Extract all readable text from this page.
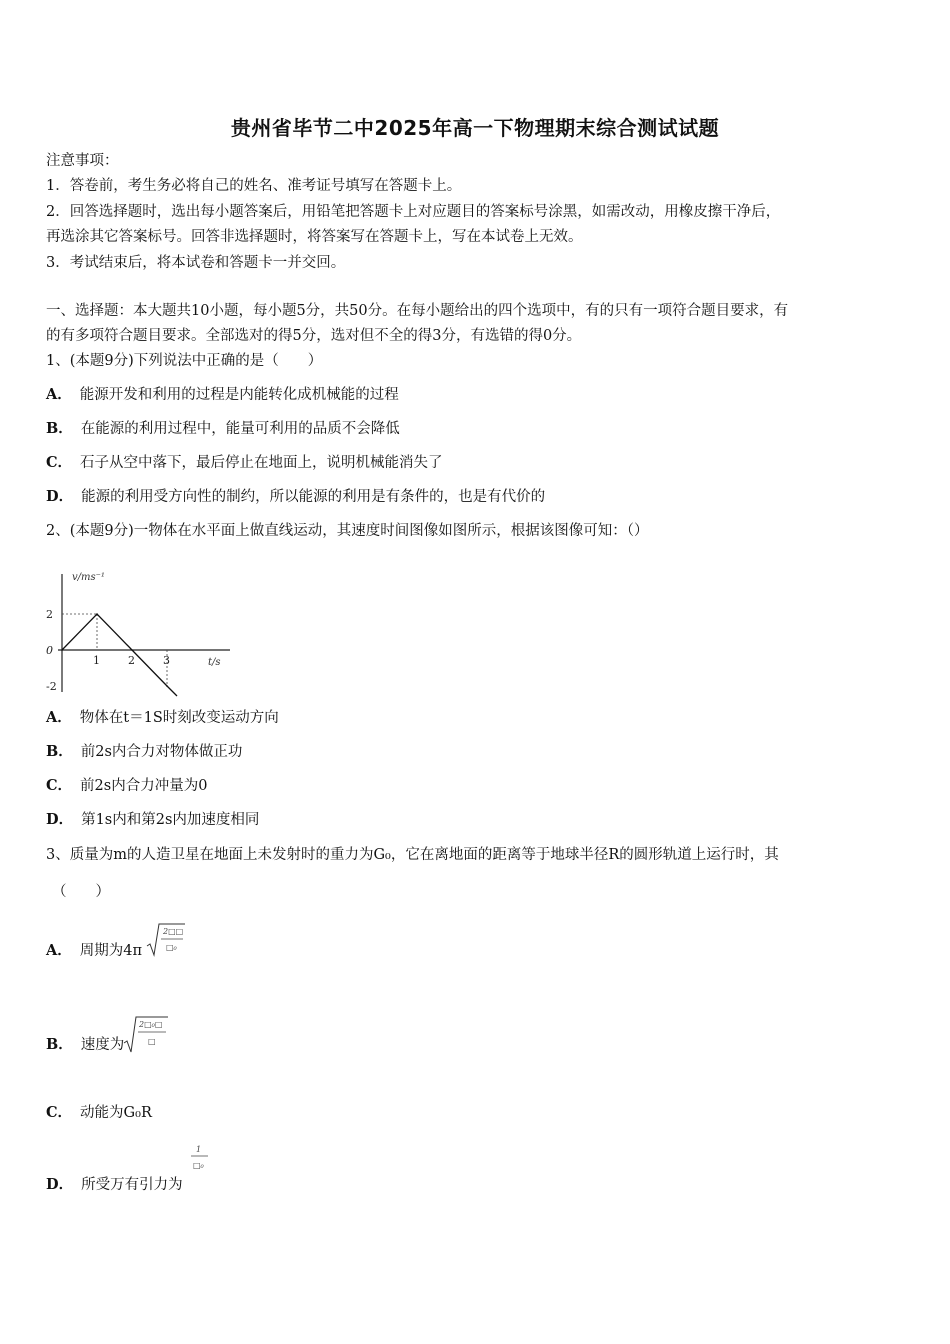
贵州省毕节二中2025年高一下物理期末综合测试试题
注意事项：
1．答卷前，考生务必将自己的姓名、准考证号填写在答题卡上。
2．回答选择题时，选出每小题答案后，用铅笔把答题卡上对应题目的答案标号涂黑，如需改动，用橡皮擦干净后，
再选涂其它答案标号。回答非选择题时，将答案写在答题卡上，写在本试卷上无效。
3．考试结束后，将本试卷和答题卡一并交回。
一、选择题：本大题共10小题，每小题5分，共50分。在每小题给出的四个选项中，有的只有一项符合题目要求，有
的有多项符合题目要求。全部选对的得5分，选对但不全的得3分，有选错的得0分。
1、(本题9分)下列说法中正确的是（　　）
A． 能源开发和利用的过程是内能转化成机械能的过程
B． 在能源的利用过程中，能量可利用的品质不会降低
C． 石子从空中落下，最后停止在地面上，说明机械能消失了
D． 能源的利用受方向性的制约，所以能源的利用是有条件的，也是有代价的
2、(本题9分)一物体在水平面上做直线运动，其速度时间图像如图所示，根据该图像可知：（）
v/ms⁻¹
t/s
2
0
-2
1	2	3
A． 物体在t＝1S时刻改变运动方向
B． 前2s内合力对物体做正功
C． 前2s内合力冲量为0
D． 第1s内和第2s内加速度相同
3、质量为m的人造卫星在地面上未发射时的重力为G₀，它在离地面的距离等于地球半径R的圆形轨道上运行时，其
（　　）
A． 周期为4π
2□□
□₀
B． 速度为
2□₀□
□
C． 动能为G₀R
1
□₀
D． 所受万有引力为
